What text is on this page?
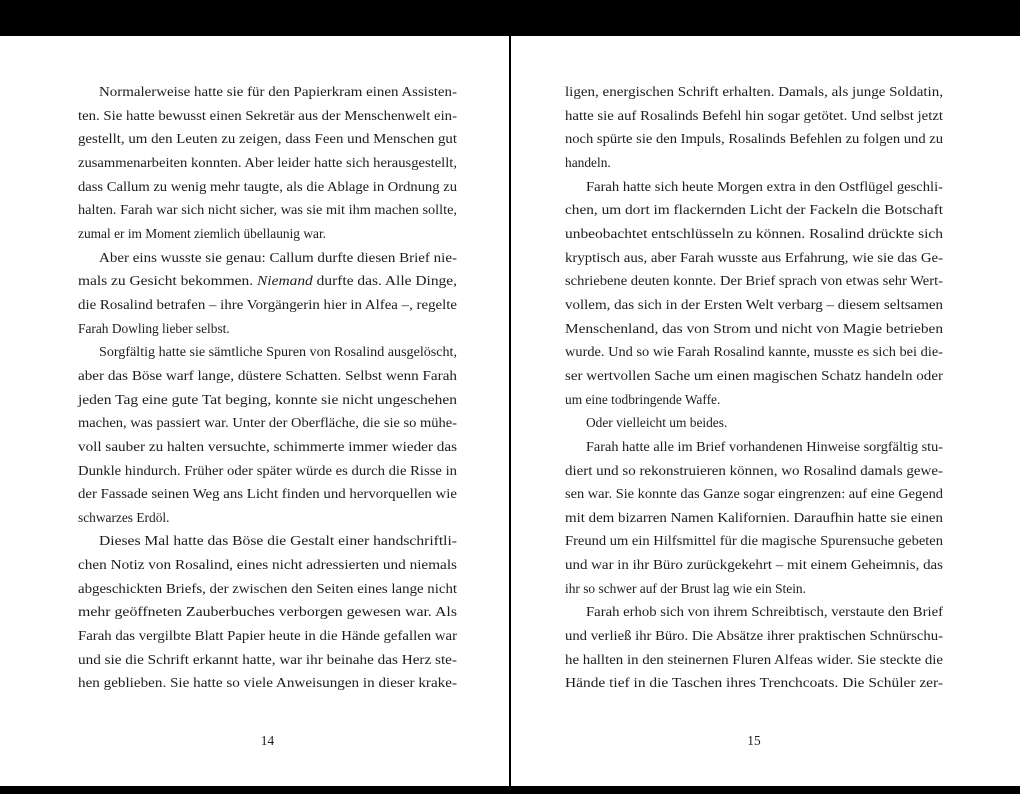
Normalerweise hatte sie für den Papierkram einen Assisten-
ten. Sie hatte bewusst einen Sekretär aus der Menschenwelt ein-
gestellt, um den Leuten zu zeigen, dass Feen und Menschen gut
zusammenarbeiten konnten. Aber leider hatte sich herausgestellt,
dass Callum zu wenig mehr taugte, als die Ablage in Ordnung zu
halten. Farah war sich nicht sicher, was sie mit ihm machen sollte,
zumal er im Moment ziemlich übellaunig war.
Aber eins wusste sie genau: Callum durfte diesen Brief nie-
mals zu Gesicht bekommen. Niemand durfte das. Alle Dinge,
die Rosalind betrafen – ihre Vorgängerin hier in Alfea –, regelte
Farah Dowling lieber selbst.
Sorgfältig hatte sie sämtliche Spuren von Rosalind ausgelöscht,
aber das Böse warf lange, düstere Schatten. Selbst wenn Farah
jeden Tag eine gute Tat beging, konnte sie nicht ungeschehen
machen, was passiert war. Unter der Oberfläche, die sie so mühe-
voll sauber zu halten versuchte, schimmerte immer wieder das
Dunkle hindurch. Früher oder später würde es durch die Risse in
der Fassade seinen Weg ans Licht finden und hervorquellen wie
schwarzes Erdöl.
Dieses Mal hatte das Böse die Gestalt einer handschriftli-
chen Notiz von Rosalind, eines nicht adressierten und niemals
abgeschickten Briefs, der zwischen den Seiten eines lange nicht
mehr geöffneten Zauberbuches verborgen gewesen war. Als
Farah das vergilbte Blatt Papier heute in die Hände gefallen war
und sie die Schrift erkannt hatte, war ihr beinahe das Herz ste-
hen geblieben. Sie hatte so viele Anweisungen in dieser krake-
14
ligen, energischen Schrift erhalten. Damals, als junge Soldatin,
hatte sie auf Rosalinds Befehl hin sogar getötet. Und selbst jetzt
noch spürte sie den Impuls, Rosalinds Befehlen zu folgen und zu
handeln.
Farah hatte sich heute Morgen extra in den Ostflügel geschli-
chen, um dort im flackernden Licht der Fackeln die Botschaft
unbeobachtet entschlüsseln zu können. Rosalind drückte sich
kryptisch aus, aber Farah wusste aus Erfahrung, wie sie das Ge-
schriebene deuten konnte. Der Brief sprach von etwas sehr Wert-
vollem, das sich in der Ersten Welt verbarg – diesem seltsamen
Menschenland, das von Strom und nicht von Magie betrieben
wurde. Und so wie Farah Rosalind kannte, musste es sich bei die-
ser wertvollen Sache um einen magischen Schatz handeln oder
um eine todbringende Waffe.
Oder vielleicht um beides.
Farah hatte alle im Brief vorhandenen Hinweise sorgfältig stu-
diert und so rekonstruieren können, wo Rosalind damals gewe-
sen war. Sie konnte das Ganze sogar eingrenzen: auf eine Gegend
mit dem bizarren Namen Kalifornien. Daraufhin hatte sie einen
Freund um ein Hilfsmittel für die magische Spurensuche gebeten
und war in ihr Büro zurückgekehrt – mit einem Geheimnis, das
ihr so schwer auf der Brust lag wie ein Stein.
Farah erhob sich von ihrem Schreibtisch, verstaute den Brief
und verließ ihr Büro. Die Absätze ihrer praktischen Schnürschu-
he hallten in den steinernen Fluren Alfeas wider. Sie steckte die
Hände tief in die Taschen ihres Trenchcoats. Die Schüler zer-
15
